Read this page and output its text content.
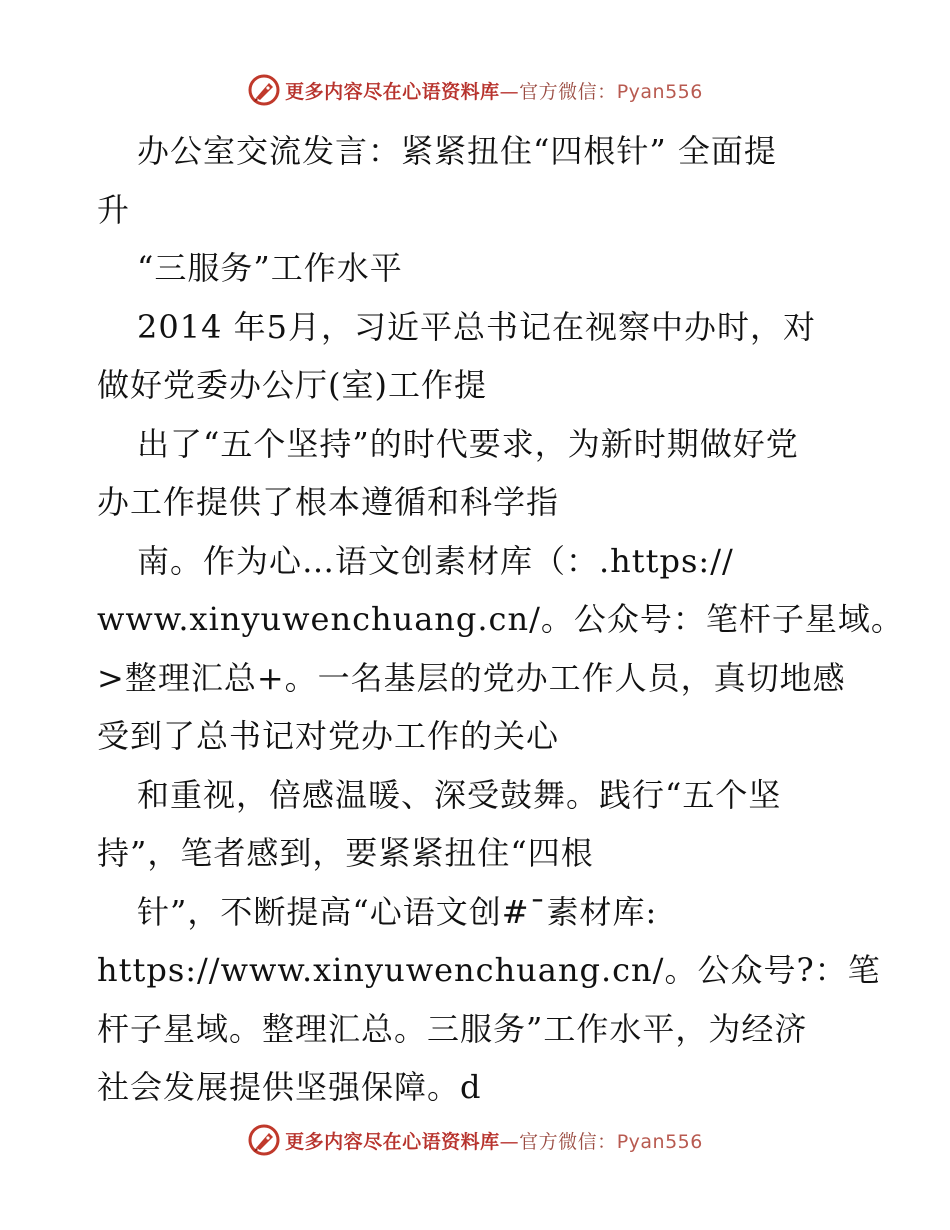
更多内容尽在心语资料库—官方微信：Pyan556
办公室交流发言：紧紧扭住“四根针” 全面提
升
“三服务”工作水平
2014 年5月，习近平总书记在视察中办时，对
做好党委办公厅(室)工作提
出了“五个坚持”的时代要求，为新时期做好党
办工作提供了根本遵循和科学指
南。作为心…语文创素材库（：.https://
www.xinyuwenchuang.cn/。公众号：笔杆子星域。
>整理汇总+。一名基层的党办工作人员，真切地感
受到了总书记对党办工作的关心
和重视，倍感温暖、深受鼓舞。践行“五个坚
持”，笔者感到，要紧紧扭住“四根
针”，不断提高“心语文创#¯素材库:
https://www.xinyuwenchuang.cn/。公众号?：笔
杆子星域。整理汇总。三服务”工作水平，为经济
社会发展提供坚强保障。d
更多内容尽在心语资料库—官方微信：Pyan556
